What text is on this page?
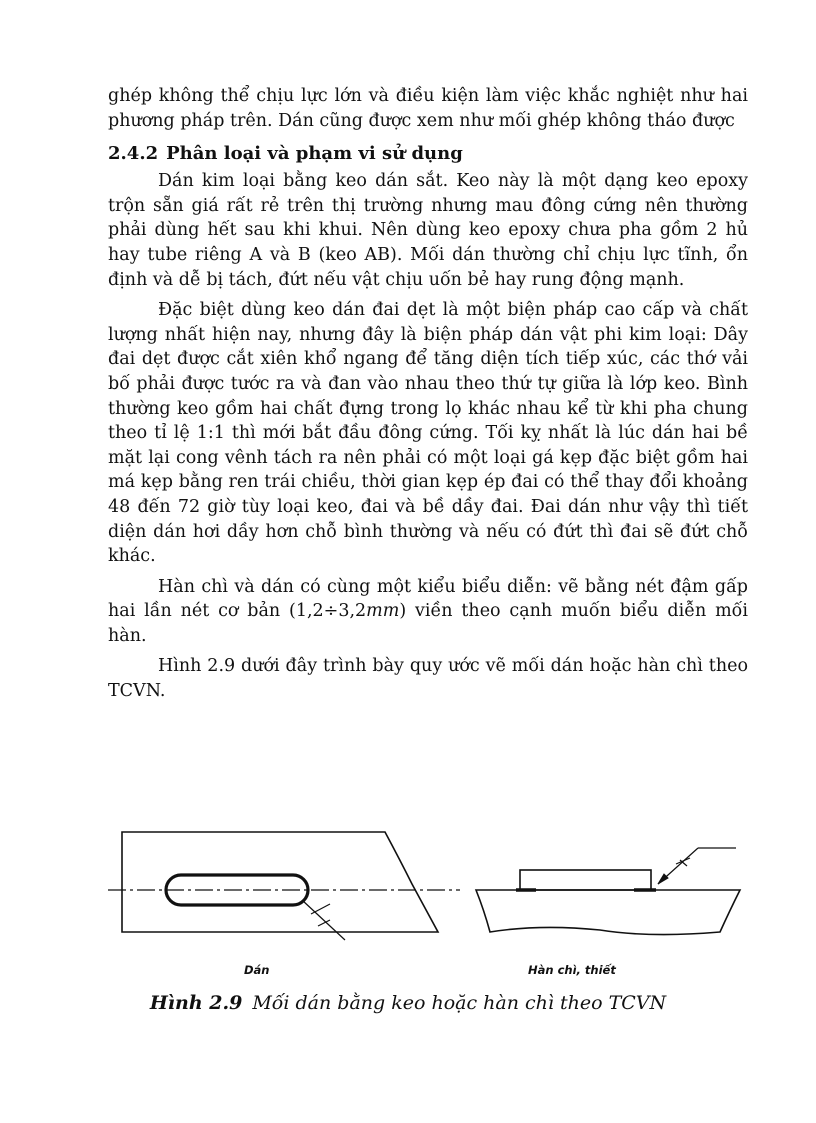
ghép không thể chịu lực lớn và điều kiện làm việc khắc nghiệt như hai phương pháp trên. Dán cũng được xem như mối ghép không tháo được

2.4.2 Phân loại và phạm vi sử dụng

Dán kim loại bằng keo dán sắt. Keo này là một dạng keo epoxy trộn sẵn giá rất rẻ trên thị trường nhưng mau đông cứng nên thường phải dùng hết sau khi khui. Nên dùng keo epoxy chưa pha gồm 2 hủ hay tube riêng A và B (keo AB). Mối dán thường chỉ chịu lực tĩnh, ổn định và dễ bị tách, đứt nếu vật chịu uốn bẻ hay rung động mạnh.

Đặc biệt dùng keo dán đai dẹt là một biện pháp cao cấp và chất lượng nhất hiện nay, nhưng đây là biện pháp dán vật phi kim loại: Dây đai dẹt được cắt xiên khổ ngang để tăng diện tích tiếp xúc, các thớ vải bố phải được tước ra và đan vào nhau theo thứ tự giữa là lớp keo. Bình thường keo gồm hai chất đựng trong lọ khác nhau kể từ khi pha chung theo tỉ lệ 1:1 thì mới bắt đầu đông cứng. Tối kỵ nhất là lúc dán hai bề mặt lại cong vênh tách ra nên phải có một loại gá kẹp đặc biệt gồm hai má kẹp bằng ren trái chiều, thời gian kẹp ép đai có thể thay đổi khoảng 48 đến 72 giờ tùy loại keo, đai và bề dầy đai. Đai dán như vậy thì tiết diện dán hơi dầy hơn chỗ bình thường và nếu có đứt thì đai sẽ đứt chỗ khác.

Hàn chì và dán có cùng một kiểu biểu diễn: vẽ bằng nét đậm gấp hai lần nét cơ bản (1,2÷3,2mm) viền theo cạnh muốn biểu diễn mối hàn.

Hình 2.9 dưới đây trình bày quy ước vẽ mối dán hoặc hàn chì theo TCVN.

Dán	Hàn chì, thiết
Hình 2.9 Mối dán bằng keo hoặc hàn chì theo TCVN
